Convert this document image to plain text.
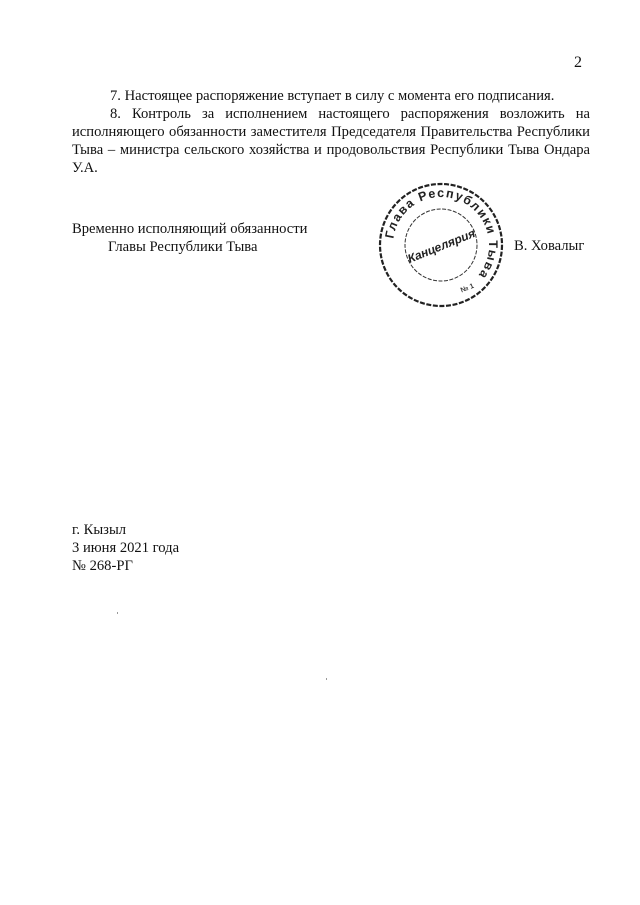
2
7. Настоящее распоряжение вступает в силу с момента его подписания.
8. Контроль за исполнением настоящего распоряжения возложить на исполняющего обязанности заместителя Председателя Правительства Республики Тыва – министра сельского хозяйства и продовольствия Республики Тыва Ондара У.А.
Временно исполняющий обязанности
Главы Республики Тыва
Глава Республики Тыва
Канцелярия
№ 1
В. Ховалыг
г. Кызыл
3 июня 2021 года
№ 268-РГ
